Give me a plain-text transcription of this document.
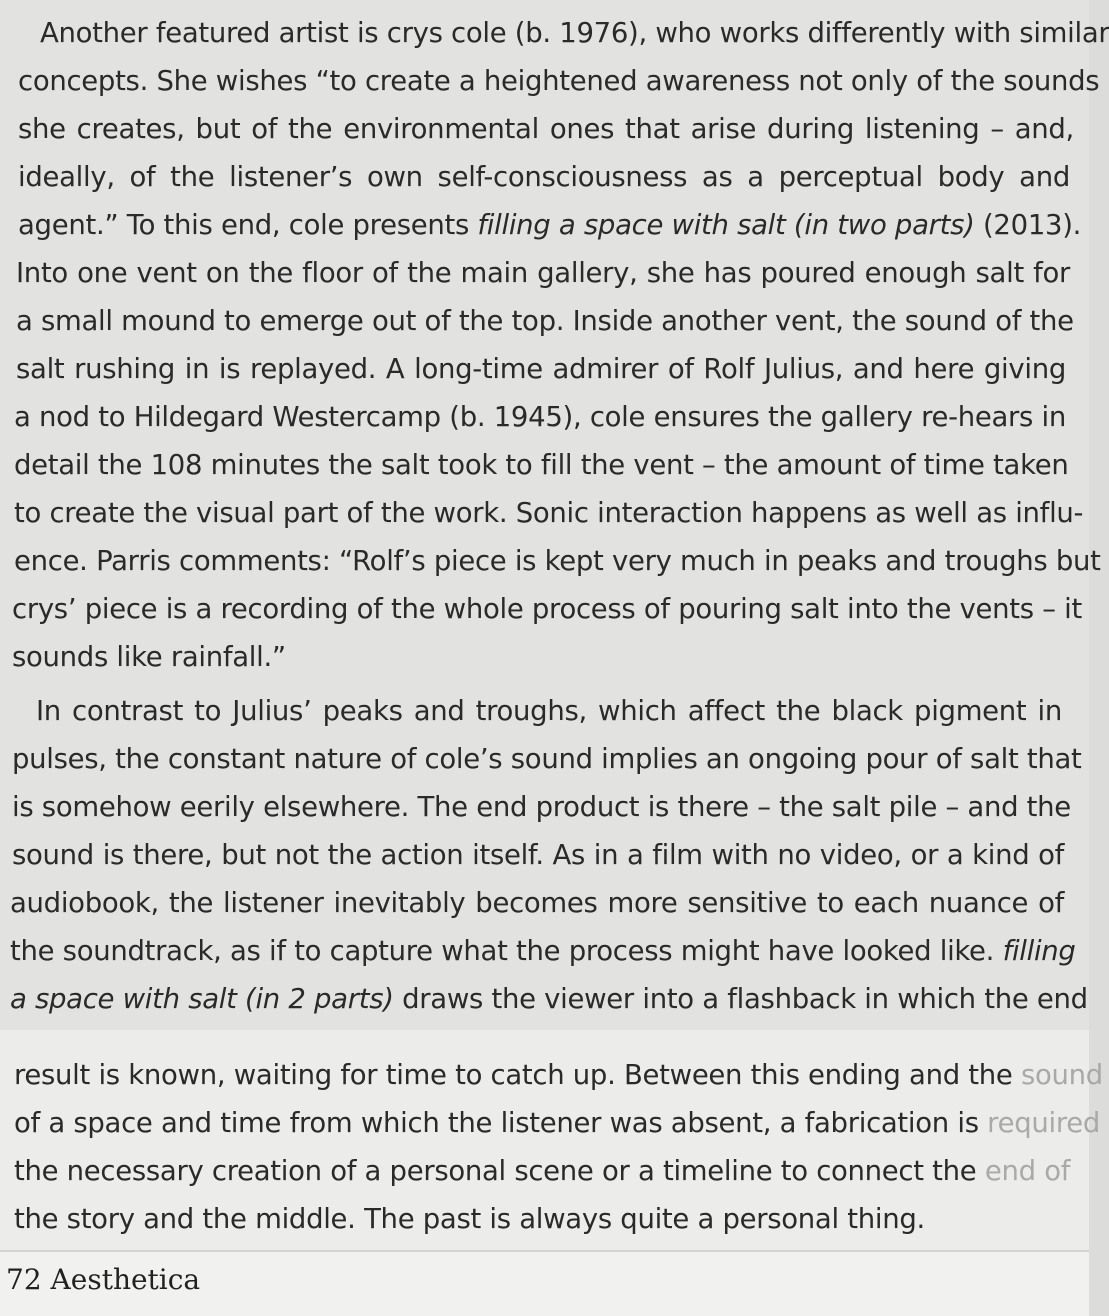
Another featured artist is crys cole (b. 1976), who works differently with similar
concepts. She wishes “to create a heightened awareness not only of the sounds
she creates, but of the environmental ones that arise during listening – and,
ideally, of the listener’s own self-consciousness as a perceptual body and
agent.” To this end, cole presents filling a space with salt (in two parts) (2013).
Into one vent on the floor of the main gallery, she has poured enough salt for
a small mound to emerge out of the top. Inside another vent, the sound of the
salt rushing in is replayed. A long-time admirer of Rolf Julius, and here giving
a nod to Hildegard Westercamp (b. 1945), cole ensures the gallery re-hears in
detail the 108 minutes the salt took to fill the vent – the amount of time taken
to create the visual part of the work. Sonic interaction happens as well as influ-
ence. Parris comments: “Rolf’s piece is kept very much in peaks and troughs but
crys’ piece is a recording of the whole process of pouring salt into the vents – it
sounds like rainfall.”
In contrast to Julius’ peaks and troughs, which affect the black pigment in
pulses, the constant nature of cole’s sound implies an ongoing pour of salt that
is somehow eerily elsewhere. The end product is there – the salt pile – and the
sound is there, but not the action itself. As in a film with no video, or a kind of
audiobook, the listener inevitably becomes more sensitive to each nuance of
the soundtrack, as if to capture what the process might have looked like. filling
a space with salt (in 2 parts) draws the viewer into a flashback in which the end
result is known, waiting for time to catch up. Between this ending and the sound
of a space and time from which the listener was absent, a fabrication is required
the necessary creation of a personal scene or a timeline to connect the end of
the story and the middle. The past is always quite a personal thing.
72 Aesthetica
